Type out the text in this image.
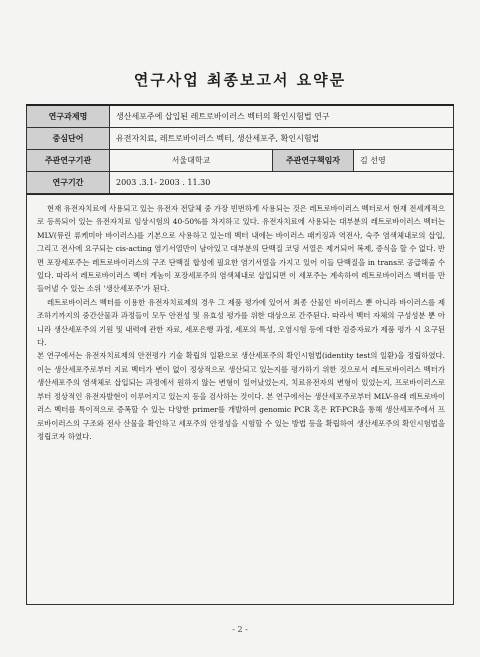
연구사업 최종보고서 요약문
연구과제명	생산세포주에 삽입된 레트로바이러스 벡터의 확인시험법 연구		
중심단어	유전자치료, 레트로바이러스 벡터, 생산세포주, 확인시험법		
주관연구기관	서울대학교	주관연구책임자	김 선영
연구기간	2003 .3.1- 2003 . 11.30		

현재 유전자치료에 사용되고 있는 유전자 전달체 중 가장 빈번하게 사용되는 것은 레트로바이러스 벡터로서 현재 전세계적으로 등록되어 있는 유전자치료 임상시험의 40-50%를 차지하고 있다. 유전자치료에 사용되는 대부분의 레트로바이러스 벡터는 MLV(뮤린 류케미아 바이러스)를 기본으로 사용하고 있는데 벡터 내에는 바이러스 패키징과 역전사, 숙주 염색체내로의 삽입, 그리고 전사에 요구되는 cis-acting 염기서열만이 남아있고 대부분의 단백질 코딩 서열은 제거되어 복제, 증식을 할 수 없다. 반면 포장세포주는 레트로바이러스의 구조 단백질 합성에 필요한 염기서열을 가지고 있어 이들 단백질을 in trans로 공급해줄 수 있다. 따라서 레트로바이러스 벡터 게놈이 포장세포주의 염색체내로 삽입되면 이 세포주는 계속하여 레트로바이러스 벡터를 만들어낼 수 있는 소위 '생산세포주'가 된다.

레트로바이러스 벡터를 이용한 유전자치료제의 경우 그 제품 평가에 있어서 최종 산물인 바이러스 뿐 아니라 바이러스를 제조하기까지의 중간산물과 과정들이 모두 안전성 및 유효성 평가를 위한 대상으로 간주된다. 따라서 벡터 자체의 구성성분 뿐 아니라 생산세포주의 기원 및 내력에 관한 자료, 세포은행 과정, 세포의 특성, 오염시험 등에 대한 검증자료가 제품 평가 시 요구된다.

본 연구에서는 유전자치료제의 안전평가 기술 확립의 일환으로 생산세포주의 확인시험법(identity test의 일환)을 정립하였다. 이는 생산세포주로부터 지료 벡터가 변이 없이 정상적으로 생산되고 있는지를 평가하기 위한 것으로서 레트로바이러스 벡터가 생산세포주의 염색체로 삽입되는 과정에서 원하지 않는 변형이 일어났었는지, 치료유전자의 변형이 있었는지, 프로바이러스로부터 정상적인 유전자발현이 이루어지고 있는지 등을 검사하는 것이다. 본 연구에서는 생산세포주로부터 MLV-유래 레트로바이러스 벡터를 특이적으로 증폭할 수 있는 다양한 primer를 개발하여 genomic PCR 혹은 RT-PCR을 통해 생산세포주에서 프로바이러스의 구조와 전사 산물을 확인하고 세포주의 안정성을 시험할 수 있는 방법 등을 확립하여 생산세포주의 확인시험법을 정립코자 하였다.

- 2 -
